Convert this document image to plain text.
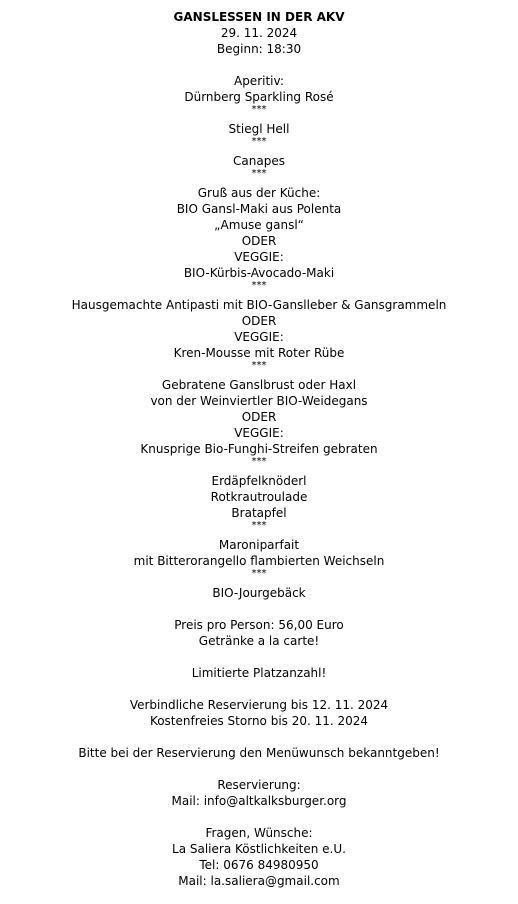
GANSLESSEN IN DER AKV
29. 11. 2024
Beginn: 18:30
Aperitiv:
Dürnberg Sparkling Rosé
***
Stiegl Hell
***
Canapes
***
Gruß aus der Küche:
BIO Gansl-Maki aus Polenta
„Amuse gansl“
ODER
VEGGIE:
BIO-Kürbis-Avocado-Maki
***
Hausgemachte Antipasti mit BIO-Ganslleber & Gansgrammeln
ODER
VEGGIE:
Kren-Mousse mit Roter Rübe
***
Gebratene Ganslbrust oder Haxl
von der Weinviertler BIO-Weidegans
ODER
VEGGIE:
Knusprige Bio-Funghi-Streifen gebraten
***
Erdäpfelknöderl
Rotkrautroulade
Bratapfel
***
Maroniparfait
mit Bitterorangello flambierten Weichseln
***
BIO-Jourgebäck
Preis pro Person: 56,00 Euro
Getränke a la carte!
Limitierte Platzanzahl!
Verbindliche Reservierung bis 12. 11. 2024
Kostenfreies Storno bis 20. 11. 2024
Bitte bei der Reservierung den Menüwunsch bekanntgeben!
Reservierung:
Mail: info@altkalksburger.org
Fragen, Wünsche:
La Saliera Köstlichkeiten e.U.
Tel: 0676 84980950
Mail: la.saliera@gmail.com
